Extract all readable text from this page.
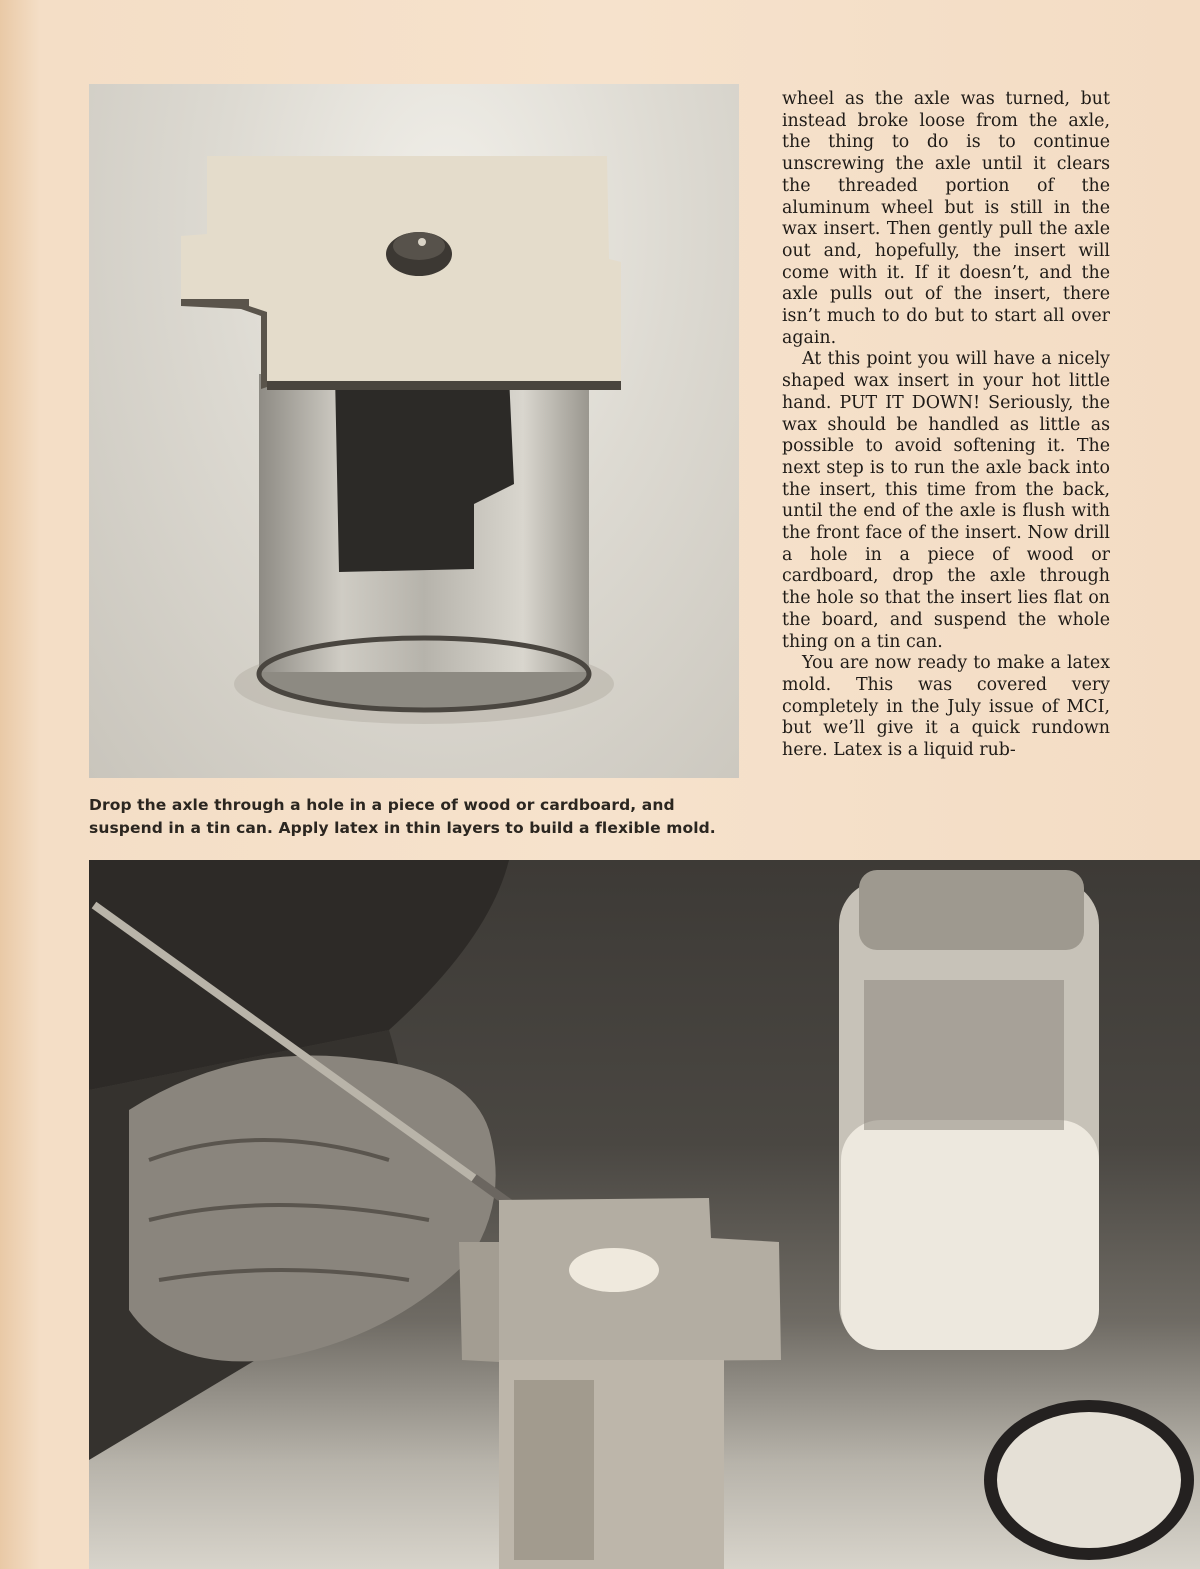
Drop the axle through a hole in a piece of wood or cardboard, and suspend in a tin can. Apply latex in thin layers to build a flexible mold.

wheel as the axle was turned, but instead broke loose from the axle, the thing to do is to continue unscrewing the axle until it clears the threaded portion of the aluminum wheel but is still in the wax insert. Then gently pull the axle out and, hopefully, the insert will come with it. If it doesn’t, and the axle pulls out of the insert, there isn’t much to do but to start all over again.

At this point you will have a nicely shaped wax insert in your hot little hand. PUT IT DOWN! Seriously, the wax should be handled as little as possible to avoid softening it. The next step is to run the axle back into the insert, this time from the back, until the end of the axle is flush with the front face of the insert. Now drill a hole in a piece of wood or cardboard, drop the axle through the hole so that the insert lies flat on the board, and suspend the whole thing on a tin can.

You are now ready to make a latex mold. This was covered very completely in the July issue of MCI, but we’ll give it a quick rundown here. Latex is a liquid rub-
